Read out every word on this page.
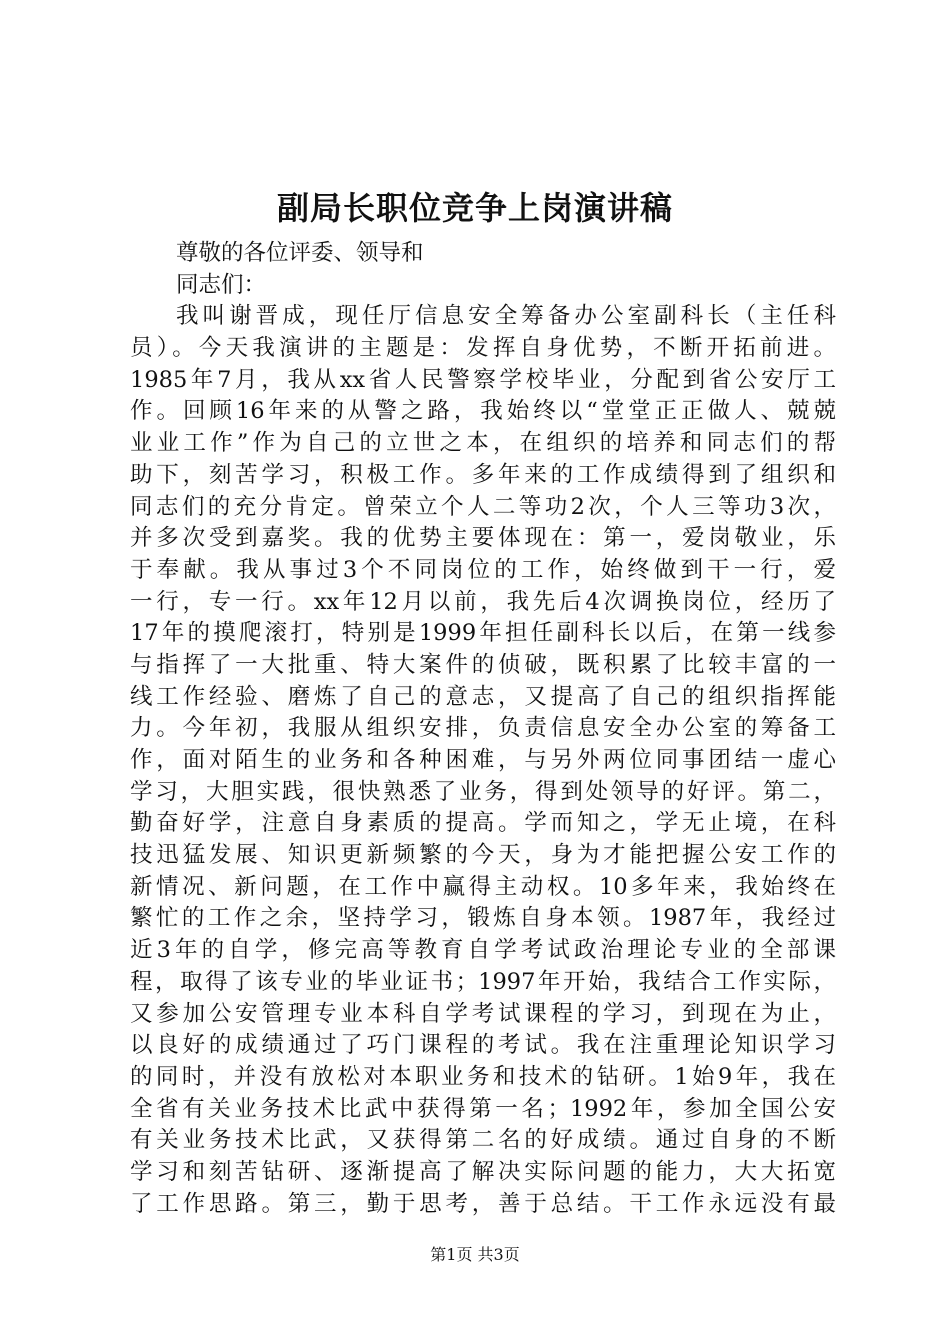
副局长职位竞争上岗演讲稿
尊敬的各位评委、领导和
同志们：
我叫谢晋成，现任厅信息安全筹备办公室副科长（主任科
员）。今天我演讲的主题是：发挥自身优势，不断开拓前进。
1985年7月，我从xx省人民警察学校毕业，分配到省公安厅工
作。回顾16年来的从警之路，我始终以“堂堂正正做人、兢兢
业业工作”作为自己的立世之本，在组织的培养和同志们的帮
助下，刻苦学习，积极工作。多年来的工作成绩得到了组织和
同志们的充分肯定。曾荣立个人二等功2次，个人三等功3次，
并多次受到嘉奖。我的优势主要体现在：第一，爱岗敬业，乐
于奉献。我从事过3个不同岗位的工作，始终做到干一行，爱
一行，专一行。xx年12月以前，我先后4次调换岗位，经历了
17年的摸爬滚打，特别是1999年担任副科长以后，在第一线参
与指挥了一大批重、特大案件的侦破，既积累了比较丰富的一
线工作经验、磨炼了自己的意志，又提高了自己的组织指挥能
力。今年初，我服从组织安排，负责信息安全办公室的筹备工
作，面对陌生的业务和各种困难，与另外两位同事团结一虚心
学习，大胆实践，很快熟悉了业务，得到处领导的好评。第二，
勤奋好学，注意自身素质的提高。学而知之，学无止境，在科
技迅猛发展、知识更新频繁的今天，身为才能把握公安工作的
新情况、新问题，在工作中赢得主动权。10多年来，我始终在
繁忙的工作之余，坚持学习，锻炼自身本领。1987年，我经过
近3年的自学，修完高等教育自学考试政治理论专业的全部课
程，取得了该专业的毕业证书；1997年开始，我结合工作实际，
又参加公安管理专业本科自学考试课程的学习，到现在为止，
以良好的成绩通过了巧门课程的考试。我在注重理论知识学习
的同时，并没有放松对本职业务和技术的钻研。1始9年，我在
全省有关业务技术比武中获得第一名；1992年，参加全国公安
有关业务技术比武，又获得第二名的好成绩。通过自身的不断
学习和刻苦钻研、逐渐提高了解决实际问题的能力，大大拓宽
了工作思路。第三，勤于思考，善于总结。干工作永远没有最
第1页 共3页
